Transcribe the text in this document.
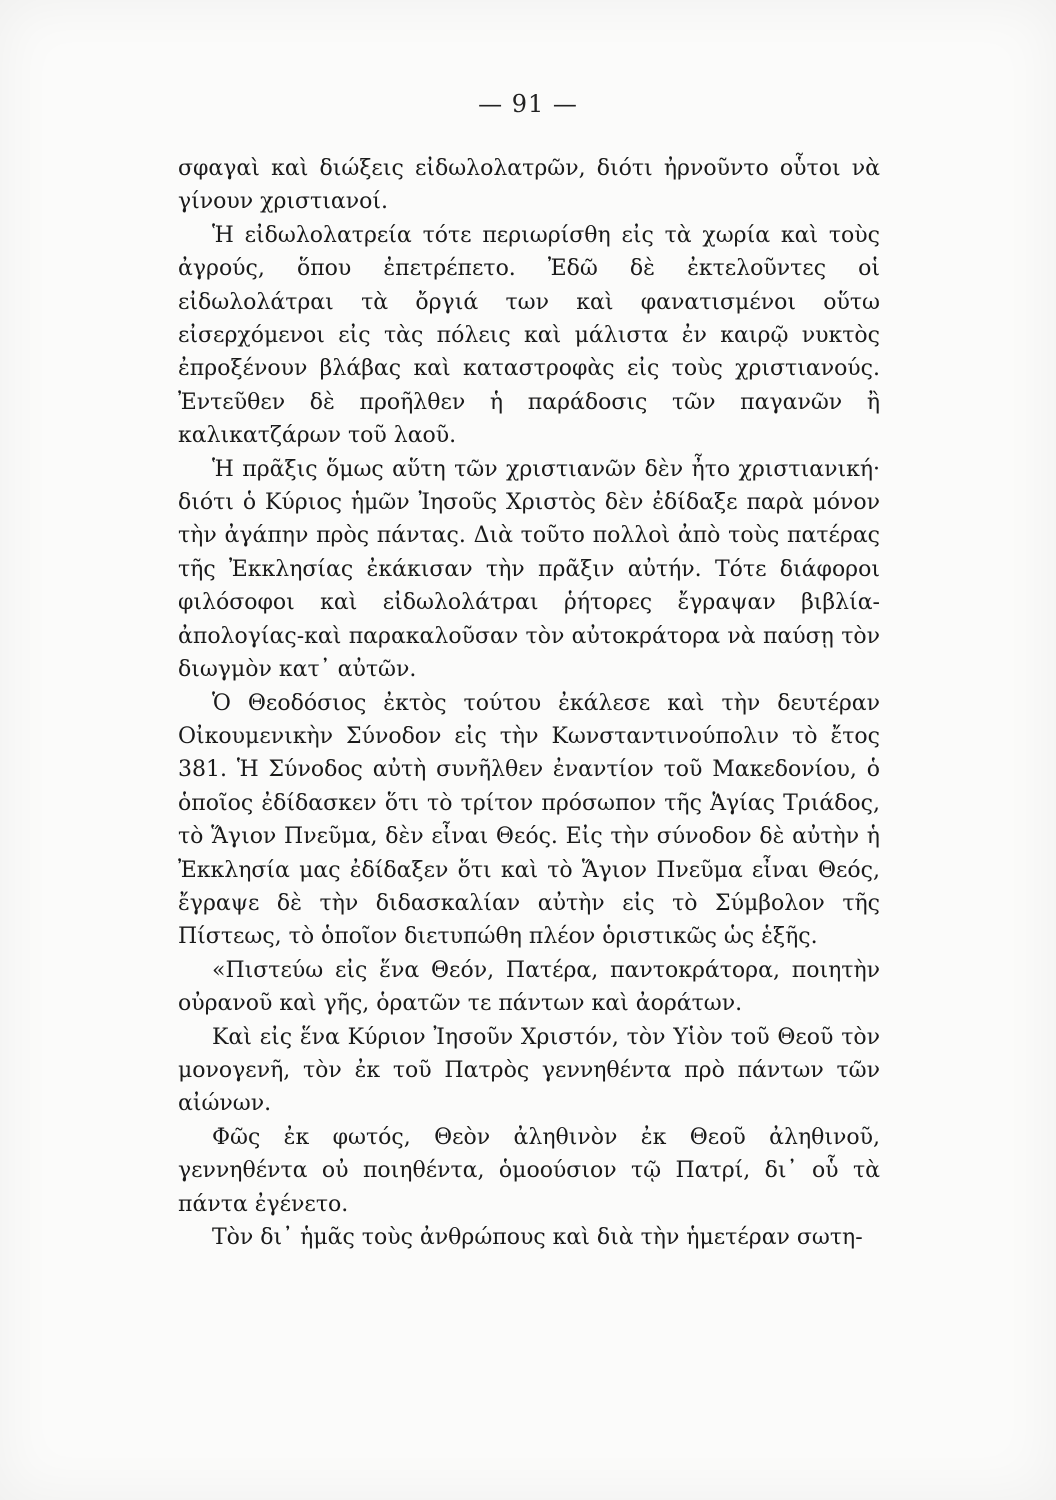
— 91 —

σφαγαὶ καὶ διώξεις εἰδωλολατρῶν, διότι ἠρνοῦντο οὗτοι νὰ γίνουν χριστιανοί.

Ἡ εἰδωλολατρεία τότε περιωρίσθη εἰς τὰ χωρία καὶ τοὺς ἀγρούς, ὅπου ἐπετρέπετο. Ἐδῶ δὲ ἐκτελοῦντες οἱ εἰδωλολάτραι τὰ ὄργιά των καὶ φανατισμένοι οὕτω εἰσερχόμενοι εἰς τὰς πόλεις καὶ μάλιστα ἐν καιρῷ νυκτὸς ἐπροξένουν βλάβας καὶ καταστροφὰς εἰς τοὺς χριστιανούς. Ἐντεῦθεν δὲ προῆλθεν ἡ παράδοσις τῶν παγανῶν ἢ καλικατζάρων τοῦ λαοῦ.

Ἡ πρᾶξις ὅμως αὕτη τῶν χριστιανῶν δὲν ἦτο χριστιανική· διότι ὁ Κύριος ἡμῶν Ἰησοῦς Χριστὸς δὲν ἐδίδαξε παρὰ μόνον τὴν ἀγάπην πρὸς πάντας. Διὰ τοῦτο πολλοὶ ἀπὸ τοὺς πατέρας τῆς Ἐκκλησίας ἐκάκισαν τὴν πρᾶξιν αὐτήν. Τότε διάφοροι φιλόσοφοι καὶ εἰδωλολάτραι ῥήτορες ἔγραψαν βιβλία-ἀπολογίας-καὶ παρακαλοῦσαν τὸν αὐτοκράτορα νὰ παύσῃ τὸν διωγμὸν κατ᾽ αὐτῶν.

Ὁ Θεοδόσιος ἐκτὸς τούτου ἐκάλεσε καὶ τὴν δευτέραν Οἰκουμενικὴν Σύνοδον εἰς τὴν Κωνσταντινούπολιν τὸ ἔτος 381. Ἡ Σύνοδος αὐτὴ συνῆλθεν ἐναντίον τοῦ Μακεδονίου, ὁ ὁποῖος ἐδίδασκεν ὅτι τὸ τρίτον πρόσωπον τῆς Ἁγίας Τριάδος, τὸ Ἅγιον Πνεῦμα, δὲν εἶναι Θεός. Εἰς τὴν σύνοδον δὲ αὐτὴν ἡ Ἐκκλησία μας ἐδίδαξεν ὅτι καὶ τὸ Ἅγιον Πνεῦμα εἶναι Θεός, ἔγραψε δὲ τὴν διδασκαλίαν αὐτὴν εἰς τὸ Σύμβολον τῆς Πίστεως, τὸ ὁποῖον διετυπώθη πλέον ὁριστικῶς ὡς ἑξῆς.

«Πιστεύω εἰς ἕνα Θεόν, Πατέρα, παντοκράτορα, ποιητὴν οὐρανοῦ καὶ γῆς, ὁρατῶν τε πάντων καὶ ἀοράτων.

Καὶ εἰς ἕνα Κύριον Ἰησοῦν Χριστόν, τὸν Υἱὸν τοῦ Θεοῦ τὸν μονογενῆ, τὸν ἐκ τοῦ Πατρὸς γεννηθέντα πρὸ πάντων τῶν αἰώνων.

Φῶς ἐκ φωτός, Θεὸν ἀληθινὸν ἐκ Θεοῦ ἀληθινοῦ, γεννηθέντα οὐ ποιηθέντα, ὁμοούσιον τῷ Πατρί, δι᾽ οὗ τὰ πάντα ἐγένετο.

Τὸν δι᾽ ἡμᾶς τοὺς ἀνθρώπους καὶ διὰ τὴν ἡμετέραν σωτη-
